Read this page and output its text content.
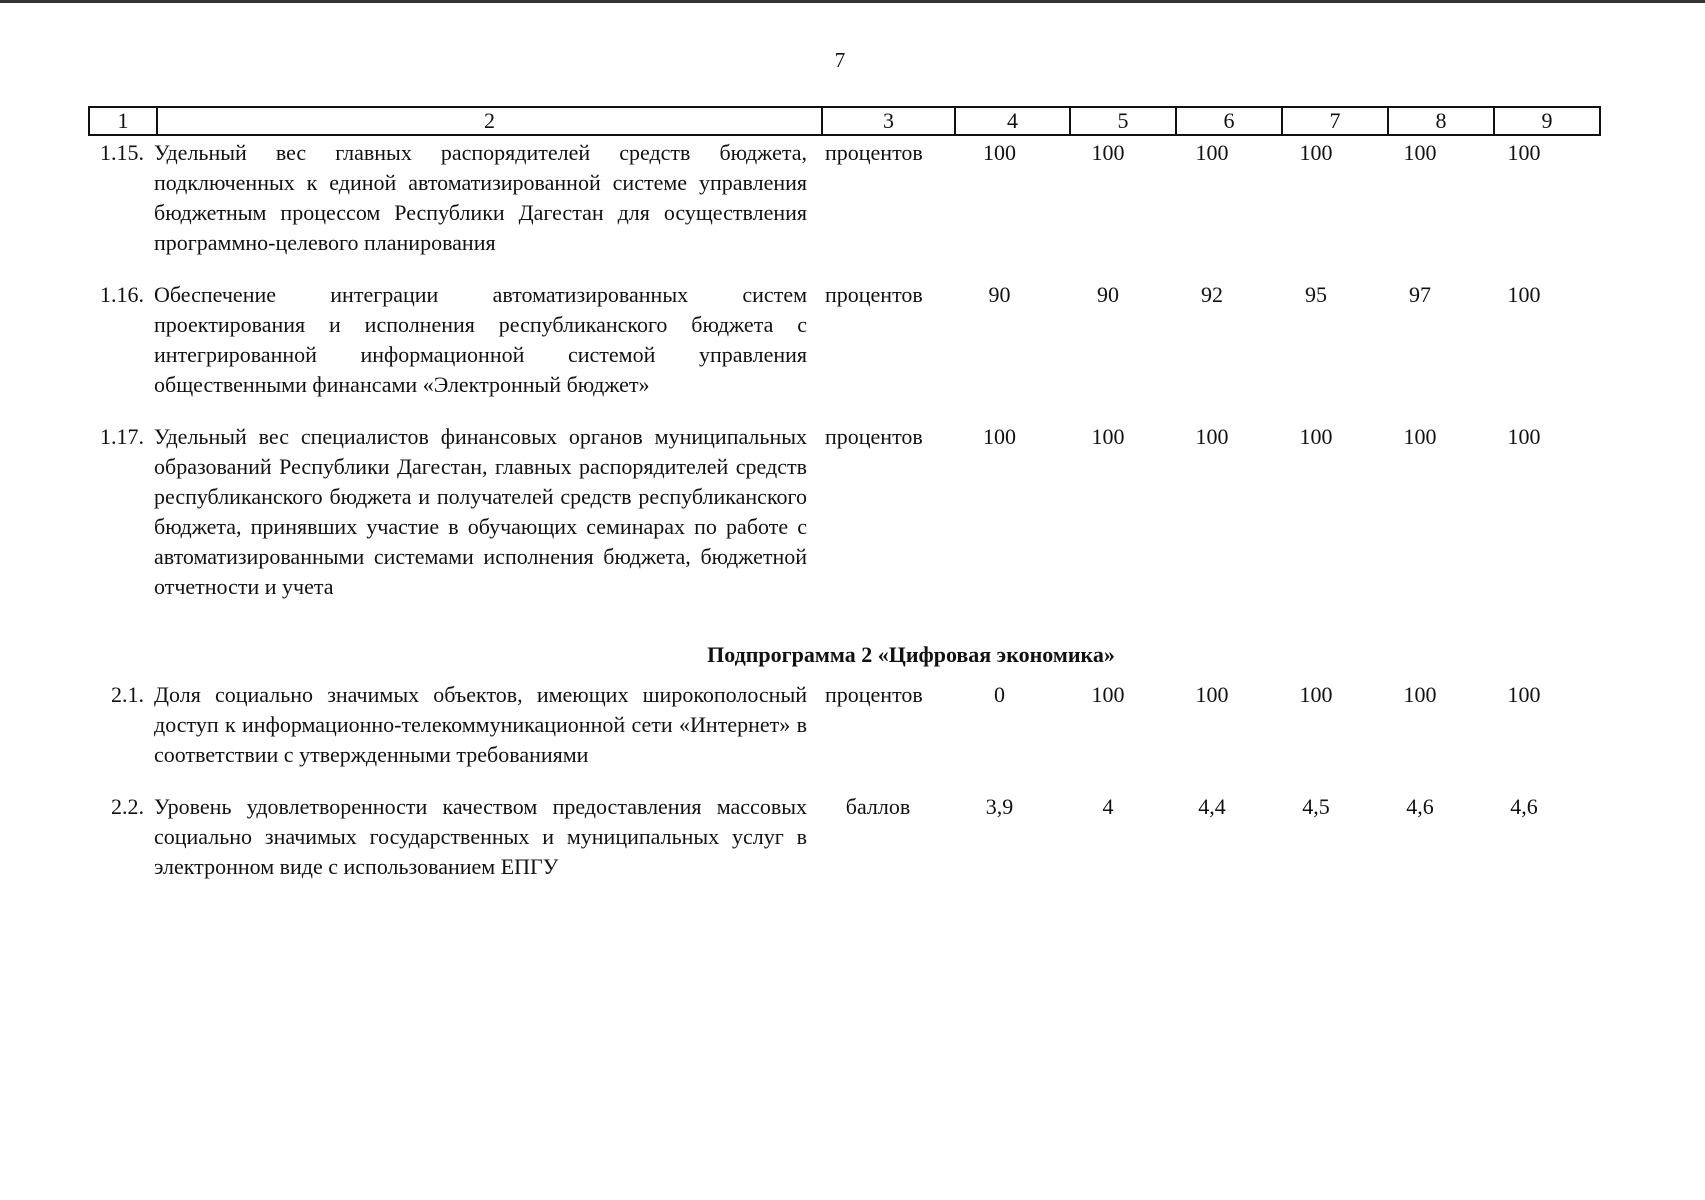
7
1	2	3	4	5	6	7	8	9
1.15. Удельный вес главных распорядителей средств бюджета, подключенных к единой автоматизированной системе управления бюджетным процессом Республики Дагестан для осуществления программно-целевого планирования
процентов	100	100	100	100	100	100
1.16. Обеспечение интеграции автоматизированных систем проектирования и исполнения республиканского бюджета с интегрированной информационной системой управления общественными финансами «Электронный бюджет»
процентов	90	90	92	95	97	100
1.17. Удельный вес специалистов финансовых органов муниципальных образований Республики Дагестан, главных распорядителей средств республиканского бюджета и получателей средств республиканского бюджета, принявших участие в обучающих семинарах по работе с автоматизированными системами исполнения бюджета, бюджетной отчетности и учета
процентов	100	100	100	100	100	100
Подпрограмма 2 «Цифровая экономика»
2.1. Доля социально значимых объектов, имеющих широкополосный доступ к информационно-телекоммуникационной сети «Интернет» в соответствии с утвержденными требованиями
процентов	0	100	100	100	100	100
2.2. Уровень удовлетворенности качеством предоставления массовых социально значимых государственных и муниципальных услуг в электронном виде с использованием ЕПГУ
баллов	3,9	4	4,4	4,5	4,6	4,6
